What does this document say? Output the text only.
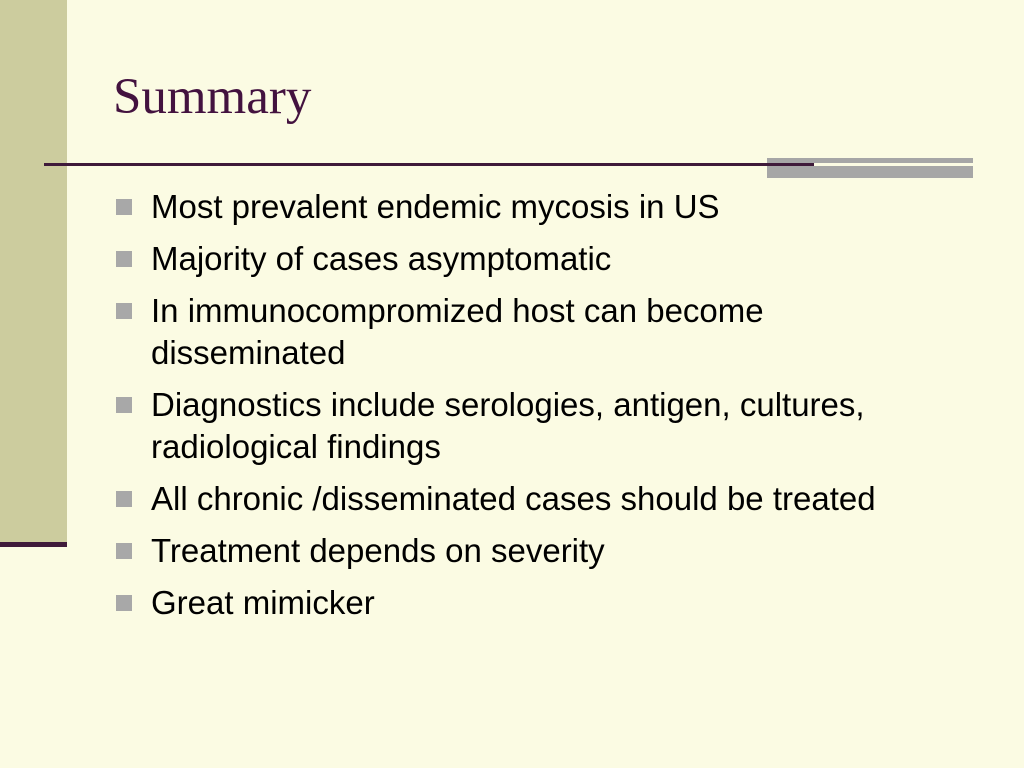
Summary
Most prevalent endemic mycosis in US
Majority of cases asymptomatic
In immunocompromized host can become disseminated
Diagnostics include serologies, antigen, cultures, radiological findings
All chronic /disseminated cases should be treated
Treatment depends on severity
Great mimicker
